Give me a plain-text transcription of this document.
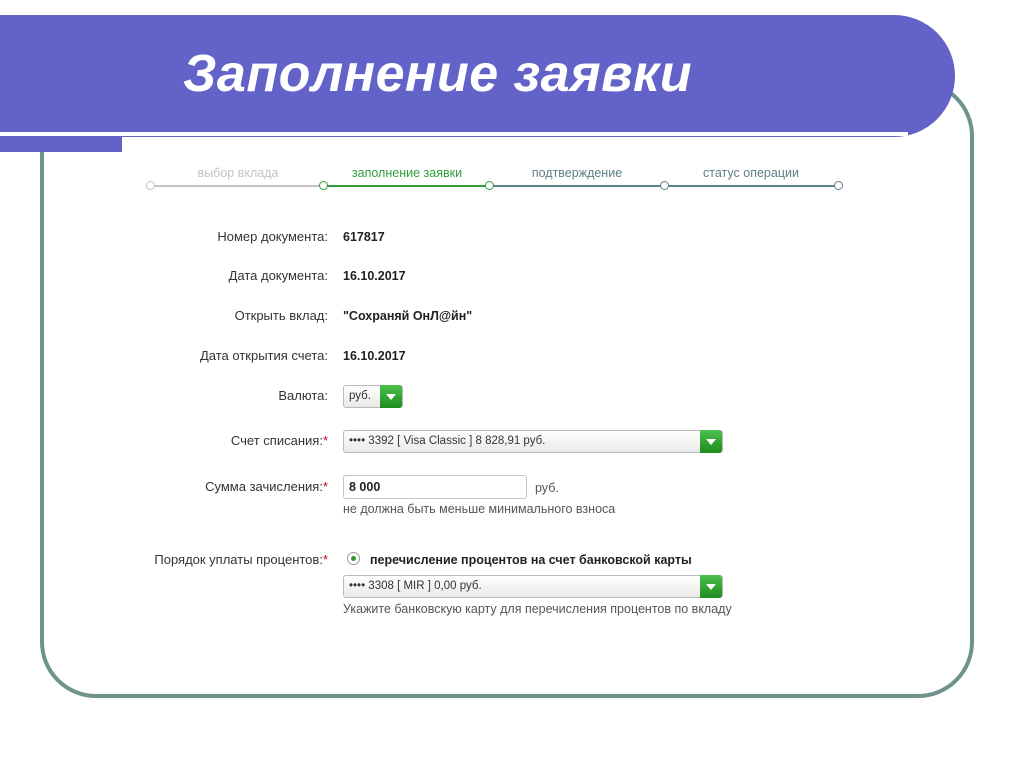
Заполнение заявки
выбор вклада	заполнение заявки	подтверждение	статус операции
Номер документа: 617817
Дата документа: 16.10.2017
Открыть вклад: "Сохраняй ОнЛ@йн"
Дата открытия счета: 16.10.2017
Валюта: руб.
Счет списания:* •••• 3392 [ Visa Classic ] 8 828,91 руб.
Сумма зачисления:*
8 000	руб.
не должна быть меньше минимального взноса
Порядок уплаты процентов:*	перечисление процентов на счет банковской карты
•••• 3308 [ MIR ] 0,00 руб.
Укажите банковскую карту для перечисления процентов по вкладу
